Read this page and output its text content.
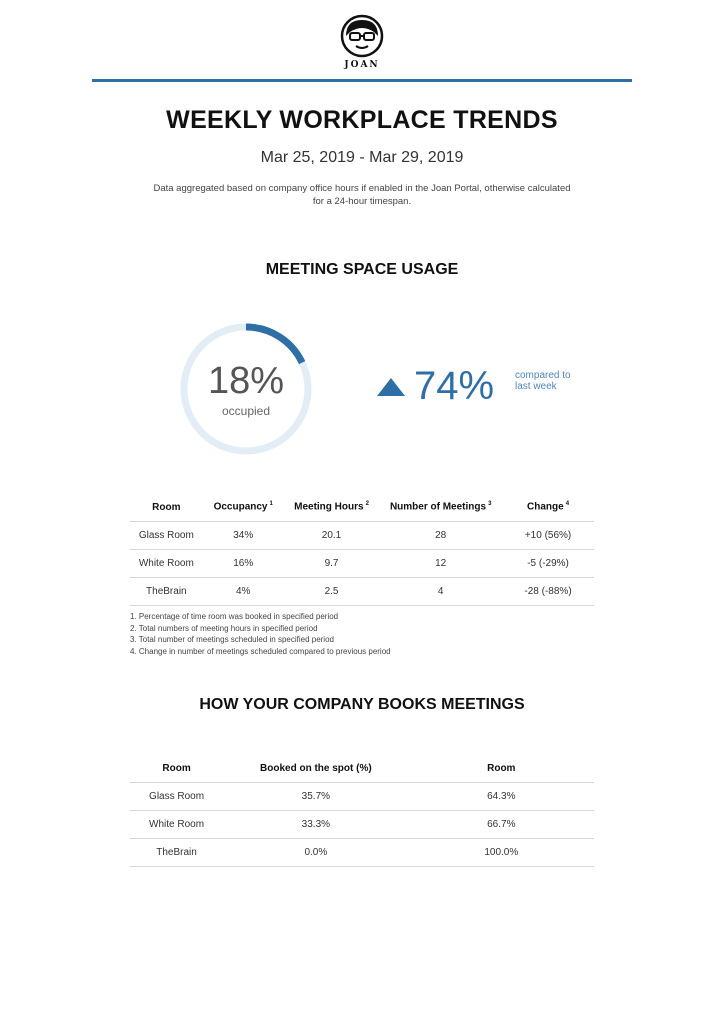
JOAN
WEEKLY WORKPLACE TRENDS
Mar 25, 2019 - Mar 29, 2019
Data aggregated based on company office hours if enabled in the Joan Portal, otherwise calculated for a 24-hour timespan.
MEETING SPACE USAGE
18%
occupied
74% compared to last week
Room	Occupancy $^1$	Meeting Hours $^2$	Number of Meetings $^3$	Change $^4$
Glass Room	34%	20.1	28	+10 (56%)
White Room	16%	9.7	12	-5 (-29%)
TheBrain	4%	2.5	4	-28 (-88%)
1. Percentage of time room was booked in specified period
2. Total numbers of meeting hours in specified period
3. Total number of meetings scheduled in specified period
4. Change in number of meetings scheduled compared to previous period
HOW YOUR COMPANY BOOKS MEETINGS
Room	Booked on the spot (%)	Room
Glass Room	35.7%	64.3%
White Room	33.3%	66.7%
TheBrain	0.0%	100.0%
